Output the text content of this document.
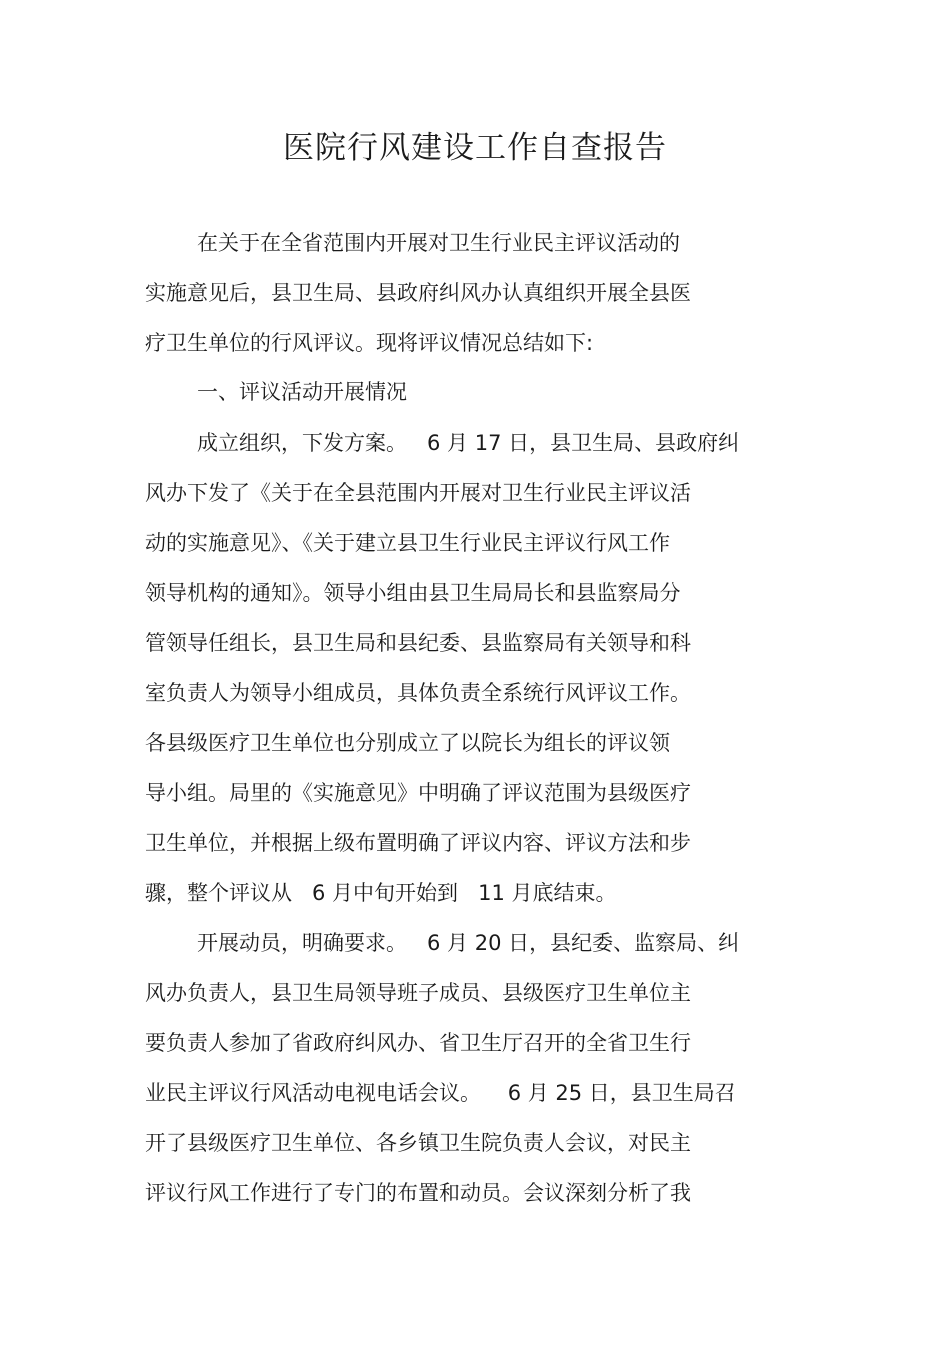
医院行风建设工作自查报告
在关于在全省范围内开展对卫生行业民主评议活动的
实施意见后，县卫生局、县政府纠风办认真组织开展全县医
疗卫生单位的行风评议。现将评议情况总结如下:
一、评议活动开展情况
成立组织，下发方案。   6 月 17 日，县卫生局、县政府纠
风办下发了《关于在全县范围内开展对卫生行业民主评议活
动的实施意见》、《关于建立县卫生行业民主评议行风工作
领导机构的通知》。领导小组由县卫生局局长和县监察局分
管领导任组长，县卫生局和县纪委、县监察局有关领导和科
室负责人为领导小组成员，具体负责全系统行风评议工作。
各县级医疗卫生单位也分别成立了以院长为组长的评议领
导小组。局里的《实施意见》中明确了评议范围为县级医疗
卫生单位，并根据上级布置明确了评议内容、评议方法和步
骤，整个评议从   6 月中旬开始到   11 月底结束。
开展动员，明确要求。   6 月 20 日，县纪委、监察局、纠
风办负责人，县卫生局领导班子成员、县级医疗卫生单位主
要负责人参加了省政府纠风办、省卫生厅召开的全省卫生行
业民主评议行风活动电视电话会议。    6 月 25 日，县卫生局召
开了县级医疗卫生单位、各乡镇卫生院负责人会议，对民主
评议行风工作进行了专门的布置和动员。会议深刻分析了我
